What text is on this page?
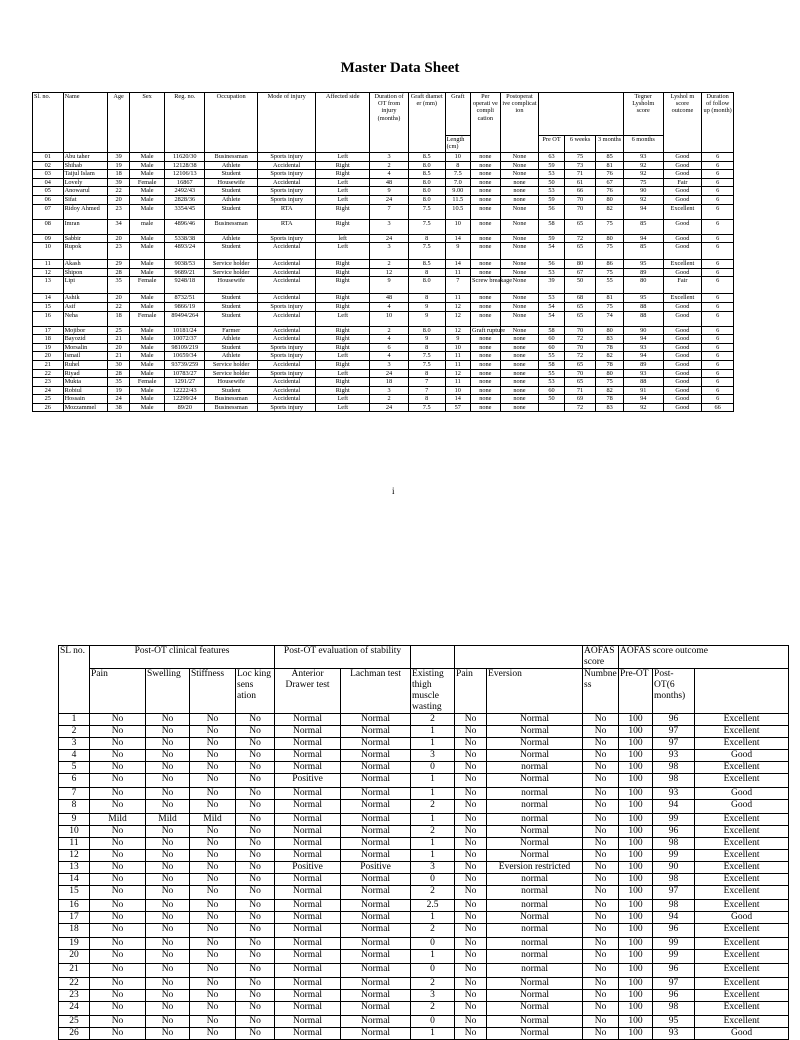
Master Data Sheet
Sl. no.	Name	Age	Sex	Reg. no.	Occupation	Mode of injury	Affected side	Duration of OT from injury (months)	Graft diamet er (mm)	Graft	Per operati ve compli cation	Postoperat ive complicat ion				Tegner Lysholm score	Lyshol m score outcome	Duration of follow up (month)
										Length (cm)			Pre OT	6 weeks	3 months	6 months		
01	Abu taher	39	Male	11620/30	Businessman	Sports injury	Left	3	8.5	10	none	None	63	75	85	93	Good	6
02	Shihab	19	Male	12128/38	Athlete	Accidental	Right	2	8.0	8	none	None	59	73	81	92	Good	6
03	Taijul Islam	18	Male	12106/13	Student	Sports injury	Right	4	8.5	7.5	none	None	53	71	76	92	Good	6
04	Lovely	39	Female	16867	Housewife	Accidental	Left	48	8.0	7.0	none	none	50	61	67	75	Fair	6
05	Anowarul	22	Male	2492/43	Student	Sports injury	Left	9	8.0	9.00	none	none	53	66	76	90	Good	6
06	Sifat	20	Male	2828/36	Athlete	Sports injury	Left	24	8.0	11.5	none	none	59	70	80	92	Good	6
07	Ridoy Ahmed	23	Male	3354/45	Student	RTA	Right	7	7.5	10.5	none	None	56	70	82	94	Excellent	6
08	Imran	34	male	4896/46	Businessman	RTA	Right	3	7.5	10	none	None	58	65	75	85	Good	6
09	Sabbir	20	Male	5338/38	Athlete	Sports injury	left	24	8	14	none	None	59	72	80	94	Good	6
10	Rupok	23	Male	4893/24	Student	Accidental	Left	3	7.5	9	none	None	54	65	75	85	Good	6
11	Akash	29	Male	9038/53	Service holder	Accidental	Right	2	8.5	14	none	None	56	80	86	95	Excellent	6
12	Shipon	28	Male	9689/21	Service holder	Accidental	Right	12	8	11	none	None	53	67	75	89	Good	6
13	Lipi	35	Female	9248/18	Housewife	Accidental	Right	9	8.0	7	Screw breakage	None	39	50	55	80	Fair	6
14	Ashik	20	Male	8732/51	Student	Accidental	Right	48	8	11	none	None	53	68	81	95	Excellent	6
15	Asif	22	Male	9866/19	Student	Sports injury	Right	4	9	12	none	None	54	65	75	88	Good	6
16	Neha	18	Female	89494/264	Student	Accidental	Left	10	9	12	none	None	54	65	74	88	Good	6
17	Mojibor	25	Male	10181/24	Farmer	Accidental	Right	2	8.0	12	Graft rupture	None	58	70	80	90	Good	6
18	Bayozid	21	Male	10072/37	Athlete	Accidental	Right	4	9	9	none	none	60	72	83	94	Good	6
19	Morsalin	20	Male	98109/219	Student	Sports injury	Right	6	8	10	none	none	60	70	78	93	Good	6
20	Ismail	21	Male	10659/34	Athlete	Sports injury	Left	4	7.5	11	none	none	55	72	82	94	Good	6
21	Ruhel	30	Male	93739/259	Service holder	Accidental	Right	3	7.5	11	none	none	58	65	78	89	Good	6
22	Riyad	28	Male	10783/27	Service holder	Sports injury	Left	24	8	12	none	none	55	70	80	93	Good	6
23	Mukta	35	Female	1291/27	Housewife	Accidental	Right	18	7	11	none	none	53	65	75	88	Good	6
24	Robiul	19	Male	12222/43	Student	Accidental	Right	3	7	10	none	none	60	71	82	91	Good	6
25	Hossain	24	Male	12299/24	Businessman	Accidental	Left	2	8	14	none	none	50	69	78	94	Good	6
26	Mozzammel	38	Male	89/20	Businessman	Sports injury	Left	24	7.5	57	none	none		72	83	92	Good	66
i
SL no.	Post-OT clinical features				Post-OT evaluation of stability					AOFAS score	AOFAS score outcome		
	Pain	Swelling	Stiffness	Loc king sens ation	Anterior Drawer test	Lachman test	Existing thigh muscle wasting	Pain	Eversion	Numbne ss	Pre-OT	Post- OT(6 months)	
1	No	No	No	No	Normal	Normal	2	No	Normal	No	100	96	Excellent
2	No	No	No	No	Normal	Normal	1	No	Normal	No	100	97	Excellent
3	No	No	No	No	Normal	Normal	1	No	Normal	No	100	97	Excellent
4	No	No	No	No	Normal	Normal	3	No	Normal	No	100	93	Good
5	No	No	No	No	Normal	Normal	0	No	normal	No	100	98	Excellent
6	No	No	No	No	Positive	Normal	1	No	Normal	No	100	98	Excellent
7	No	No	No	No	Normal	Normal	1	No	normal	No	100	93	Good
8	No	No	No	No	Normal	Normal	2	No	normal	No	100	94	Good
9	Mild	Mild	Mild	No	Normal	Normal	1	No	normal	No	100	99	Excellent
10	No	No	No	No	Normal	Normal	2	No	Normal	No	100	96	Excellent
11	No	No	No	No	Normal	Normal	1	No	Normal	No	100	98	Excellent
12	No	No	No	No	Normal	Normal	1	No	Normal	No	100	99	Excellent
13	No	No	No	No	Positive	Positive	3	No	Eversion restricted	No	100	90	Excellent
14	No	No	No	No	Normal	Normal	0	No	normal	No	100	98	Excellent
15	No	No	No	No	Normal	Normal	2	No	normal	No	100	97	Excellent
16	No	No	No	No	Normal	Normal	2.5	No	normal	No	100	98	Excellent
17	No	No	No	No	Normal	Normal	1	No	Normal	No	100	94	Good
18	No	No	No	No	Normal	Normal	2	No	normal	No	100	96	Excellent
19	No	No	No	No	Normal	Normal	0	No	normal	No	100	99	Excellent
20	No	No	No	No	Normal	Normal	1	No	normal	No	100	99	Excellent
21	No	No	No	No	Normal	Normal	0	No	normal	No	100	96	Excellent
22	No	No	No	No	Normal	Normal	2	No	Normal	No	100	97	Excellent
23	No	No	No	No	Normal	Normal	3	No	Normal	No	100	96	Excellent
24	No	No	No	No	Normal	Normal	2	No	Normal	No	100	98	Excellent
25	No	No	No	No	Normal	Normal	0	No	Normal	No	100	95	Excellent
26	No	No	No	No	Normal	Normal	1	No	Normal	No	100	93	Good
